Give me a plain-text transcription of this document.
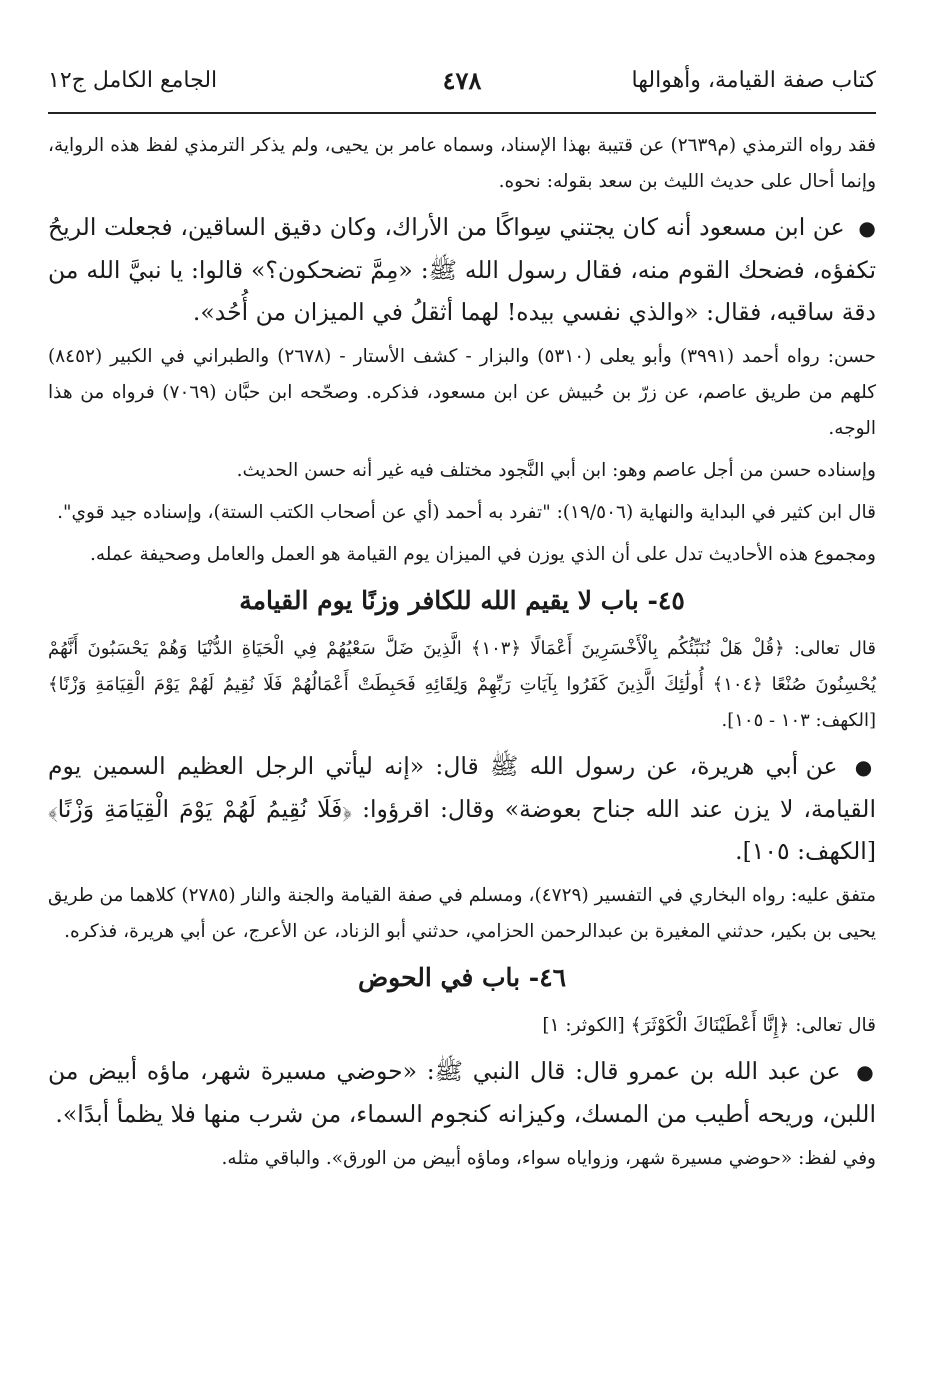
كتاب صفة القيامة، وأهوالها
٤٧٨
الجامع الكامل ج١٢

فقد رواه الترمذي (م٢٦٣٩) عن قتيبة بهذا الإسناد، وسماه عامر بن يحيى، ولم يذكر الترمذي لفظ هذه الرواية، وإنما أحال على حديث الليث بن سعد بقوله: نحوه.

● عن ابن مسعود أنه كان يجتني سِواكًا من الأراك، وكان دقيق الساقين، فجعلت الريحُ تكفؤه، فضحك القوم منه، فقال رسول الله ﷺ: «مِمَّ تضحكون؟» قالوا: يا نبيَّ الله من دقة ساقيه، فقال: «والذي نفسي بيده! لهما أثقلُ في الميزان من أُحُد».

حسن: رواه أحمد (٣٩٩١) وأبو يعلى (٥٣١٠) والبزار - كشف الأستار - (٢٦٧٨) والطبراني في الكبير (٨٤٥٢) كلهم من طريق عاصم، عن زرّ بن حُبيش عن ابن مسعود، فذكره. وصحّحه ابن حبَّان (٧٠٦٩) فرواه من هذا الوجه.

وإسناده حسن من أجل عاصم وهو: ابن أبي النَّجود مختلف فيه غير أنه حسن الحديث.

قال ابن كثير في البداية والنهاية (١٩/٥٠٦): "تفرد به أحمد (أي عن أصحاب الكتب الستة)، وإسناده جيد قوي".

ومجموع هذه الأحاديث تدل على أن الذي يوزن في الميزان يوم القيامة هو العمل والعامل وصحيفة عمله.

٤٥- باب لا يقيم الله للكافر وزنًا يوم القيامة

قال تعالى: ﴿قُلْ هَلْ نُنَبِّئُكُم بِالْأَخْسَرِينَ أَعْمَالًا ﴿١٠٣﴾ الَّذِينَ ضَلَّ سَعْيُهُمْ فِي الْحَيَاةِ الدُّنْيَا وَهُمْ يَحْسَبُونَ أَنَّهُمْ يُحْسِنُونَ صُنْعًا ﴿١٠٤﴾ أُولَٰئِكَ الَّذِينَ كَفَرُوا بِآيَاتِ رَبِّهِمْ وَلِقَائِهِ فَحَبِطَتْ أَعْمَالُهُمْ فَلَا نُقِيمُ لَهُمْ يَوْمَ الْقِيَامَةِ وَزْنًا﴾ [الكهف: ١٠٣ - ١٠٥].

● عن أبي هريرة، عن رسول الله ﷺ قال: «إنه ليأتي الرجل العظيم السمين يوم القيامة، لا يزن عند الله جناح بعوضة» وقال: اقرؤوا: ﴿فَلَا نُقِيمُ لَهُمْ يَوْمَ الْقِيَامَةِ وَزْنًا﴾ [الكهف: ١٠٥].

متفق عليه: رواه البخاري في التفسير (٤٧٢٩)، ومسلم في صفة القيامة والجنة والنار (٢٧٨٥) كلاهما من طريق يحيى بن بكير، حدثني المغيرة بن عبدالرحمن الحزامي، حدثني أبو الزناد، عن الأعرج، عن أبي هريرة، فذكره.

٤٦- باب في الحوض

قال تعالى: ﴿إِنَّا أَعْطَيْنَاكَ الْكَوْثَرَ﴾ [الكوثر: ١]

● عن عبد الله بن عمرو قال: قال النبي ﷺ: «حوضي مسيرة شهر، ماؤه أبيض من اللبن، وريحه أطيب من المسك، وكيزانه كنجوم السماء، من شرب منها فلا يظمأ أبدًا».

وفي لفظ: «حوضي مسيرة شهر، وزواياه سواء، وماؤه أبيض من الورق». والباقي مثله.
